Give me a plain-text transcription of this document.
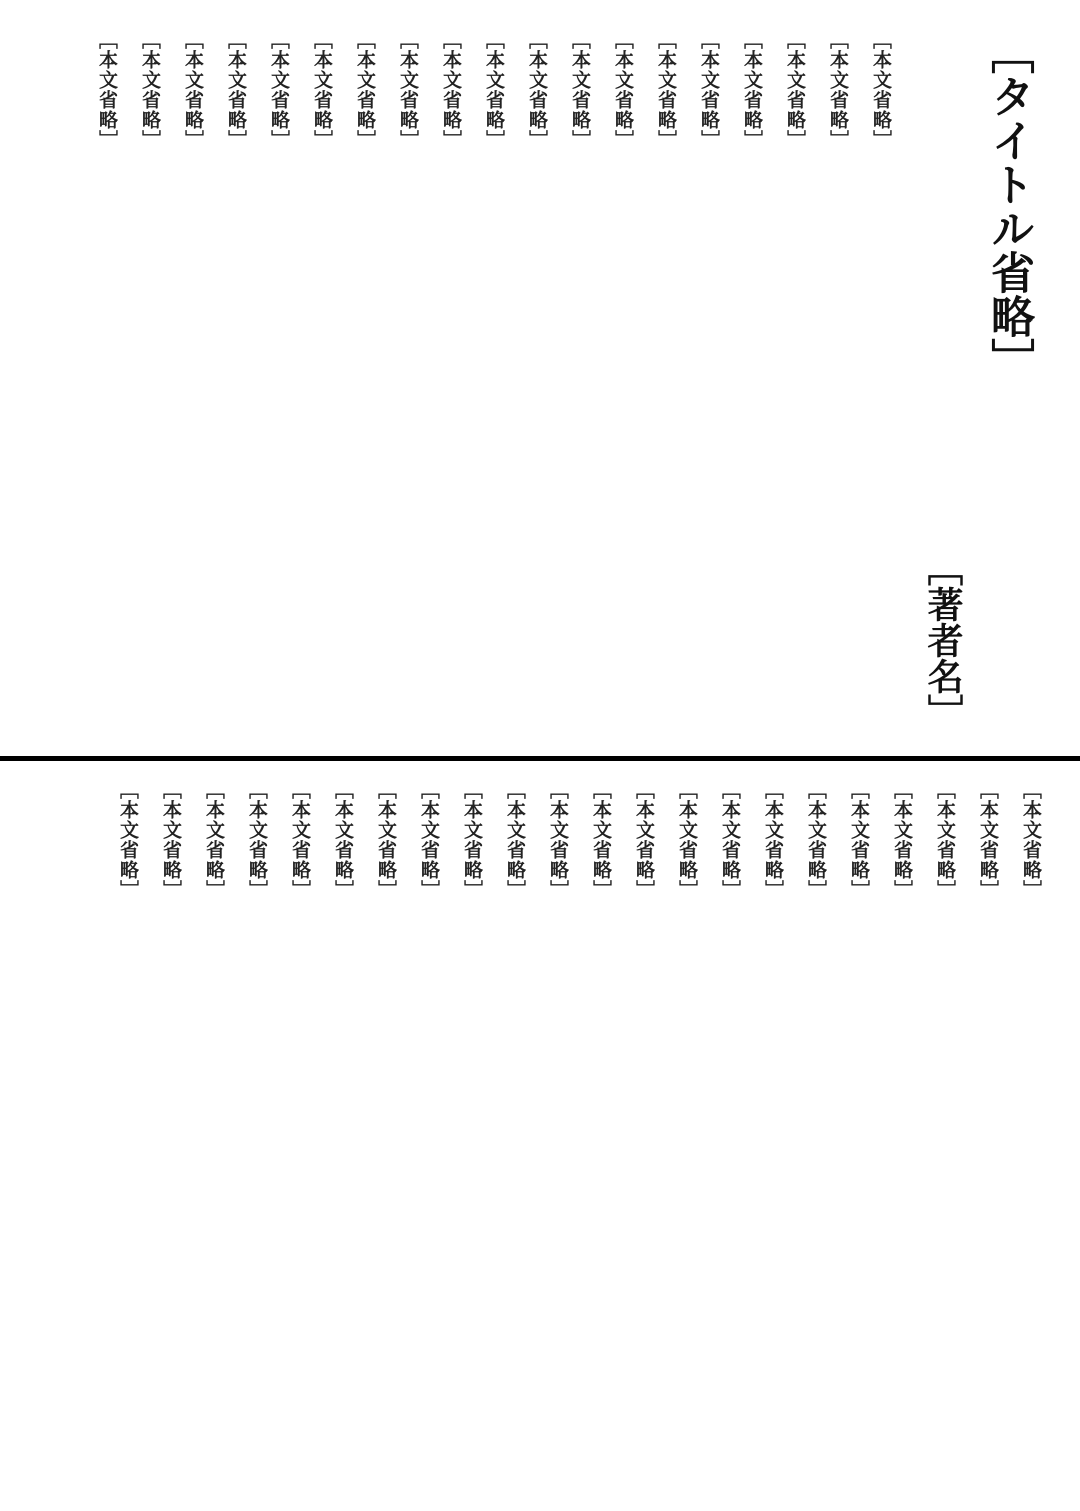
［タイトル省略］
［著者名］
［本文省略］
［本文省略］
［本文省略］
［本文省略］
［本文省略］
［本文省略］
［本文省略］
［本文省略］
［本文省略］
［本文省略］
［本文省略］
［本文省略］
［本文省略］
［本文省略］
［本文省略］
［本文省略］
［本文省略］
［本文省略］
［本文省略］
［本文省略］
［本文省略］
［本文省略］
［本文省略］
［本文省略］
［本文省略］
［本文省略］
［本文省略］
［本文省略］
［本文省略］
［本文省略］
［本文省略］
［本文省略］
［本文省略］
［本文省略］
［本文省略］
［本文省略］
［本文省略］
［本文省略］
［本文省略］
［本文省略］
［本文省略］
